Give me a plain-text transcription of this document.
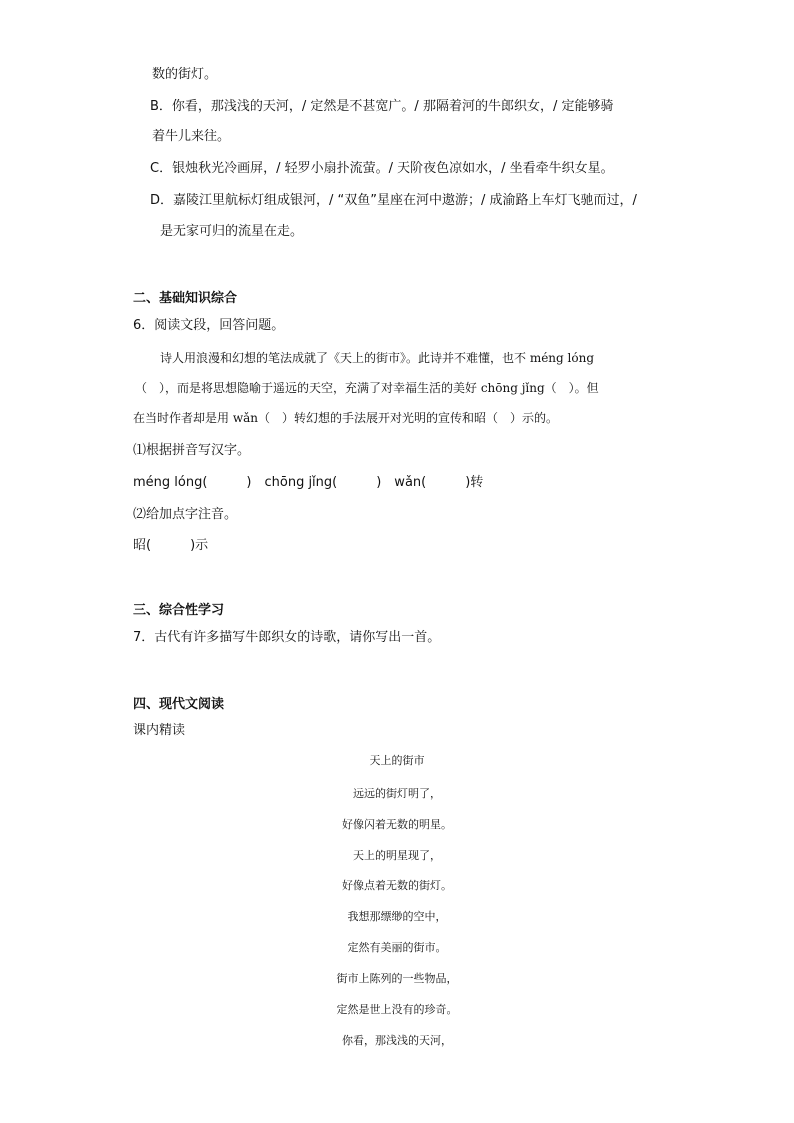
数的街灯。
B．你看，那浅浅的天河，/ 定然是不甚宽广。/ 那隔着河的牛郎织女，/ 定能够骑
着牛儿来往。
C．银烛秋光冷画屏，/ 轻罗小扇扑流萤。/ 天阶夜色凉如水，/ 坐看牵牛织女星。
D．嘉陵江里航标灯组成银河，/ “双鱼”星座在河中遨游；/ 成渝路上车灯飞驰而过，/
是无家可归的流星在走。
二、基础知识综合
6．阅读文段，回答问题。
诗人用浪漫和幻想的笔法成就了《天上的街市》。此诗并不难懂，也不 méng lóng
（　），而是将思想隐喻于遥远的天空，充满了对幸福生活的美好 chōng jǐng（　）。但
在当时作者却是用 wǎn（　）转幻想的手法展开对光明的宣传和昭（　）示的。
⑴根据拼音写汉字。
méng lóng(　　　)　chōng jǐng(　　　)　wǎn(　　　)转
⑵给加点字注音。
昭(　　　)示
三、综合性学习
7．古代有许多描写牛郎织女的诗歌，请你写出一首。
四、现代文阅读
课内精读
天上的街市
远远的街灯明了，
好像闪着无数的明星。
天上的明星现了，
好像点着无数的街灯。
我想那缥缈的空中，
定然有美丽的街市。
街市上陈列的一些物品，
定然是世上没有的珍奇。
你看，那浅浅的天河，
